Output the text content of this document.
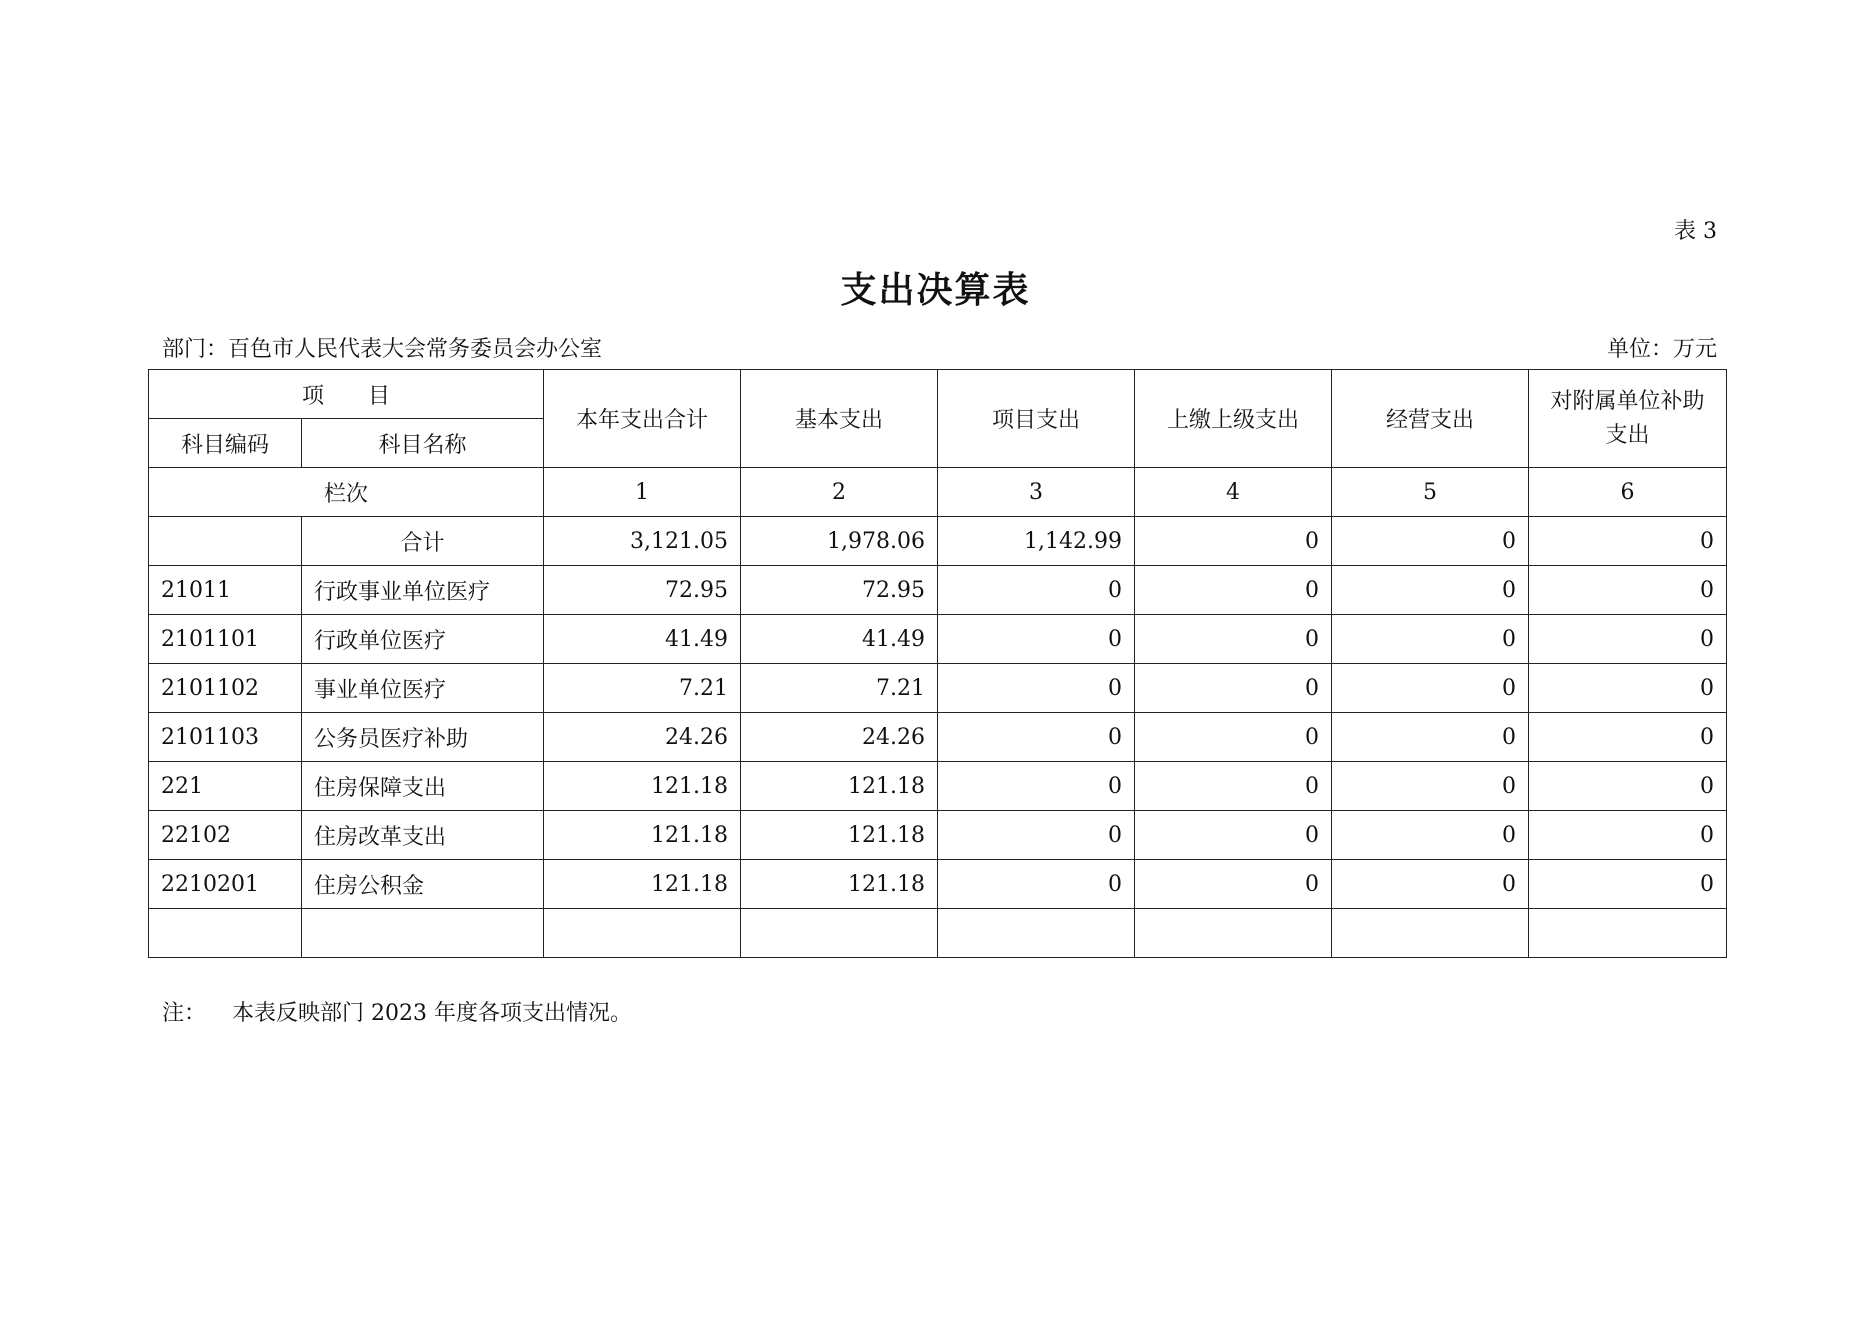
表 3
支出决算表
部门：百色市人民代表大会常务委员会办公室	单位：万元
项　　目		本年支出合计	基本支出	项目支出	上缴上级支出	经营支出	对附属单位补助支出
科目编码	科目名称						
栏次		1	2	3	4	5	6
	合计	3,121.05	1,978.06	1,142.99	0	0	0
21011	行政事业单位医疗	72.95	72.95	0	0	0	0
2101101	行政单位医疗	41.49	41.49	0	0	0	0
2101102	事业单位医疗	7.21	7.21	0	0	0	0
2101103	公务员医疗补助	24.26	24.26	0	0	0	0
221	住房保障支出	121.18	121.18	0	0	0	0
22102	住房改革支出	121.18	121.18	0	0	0	0
2210201	住房公积金	121.18	121.18	0	0	0	0

注： 本表反映部门 2023 年度各项支出情况。
